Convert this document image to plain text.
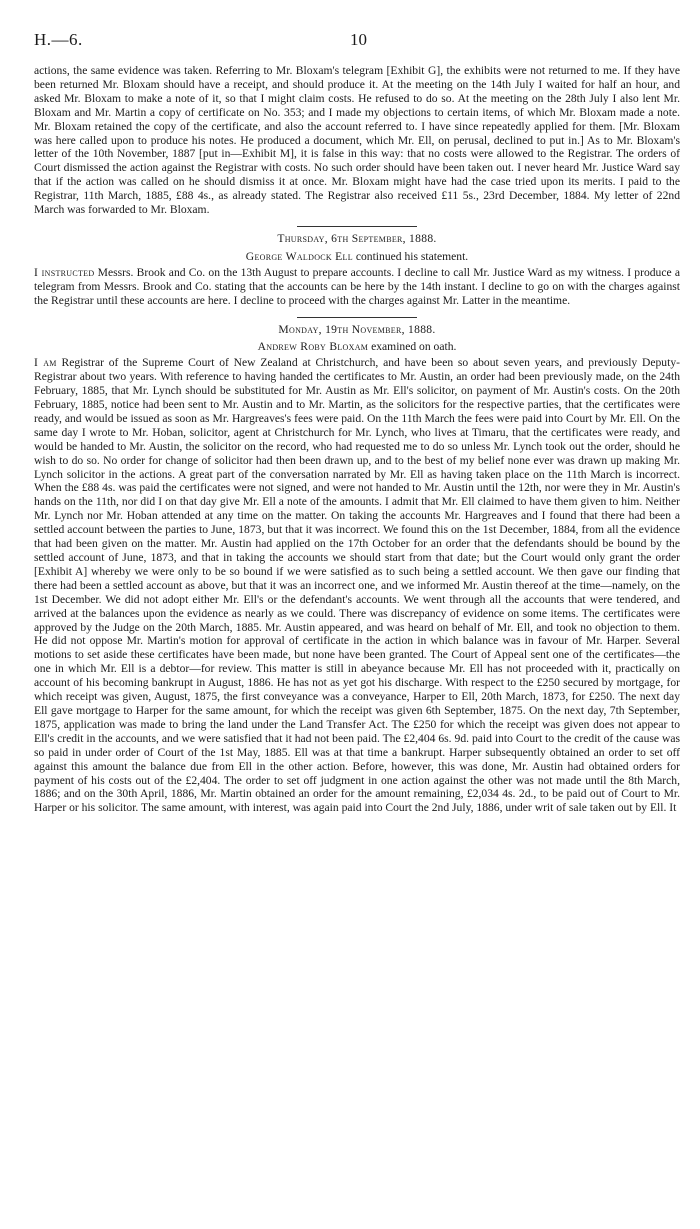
H.—6.	10

actions, the same evidence was taken. Referring to Mr. Bloxam's telegram [Exhibit G], the exhibits were not returned to me. If they have been returned Mr. Bloxam should have a receipt, and should produce it. At the meeting on the 14th July I waited for half an hour, and asked Mr. Bloxam to make a note of it, so that I might claim costs. He refused to do so. At the meeting on the 28th July I also lent Mr. Bloxam and Mr. Martin a copy of certificate on No. 353; and I made my objections to certain items, of which Mr. Bloxam made a note. Mr. Bloxam retained the copy of the certificate, and also the account referred to. I have since repeatedly applied for them. [Mr. Bloxam was here called upon to produce his notes. He produced a document, which Mr. Ell, on perusal, declined to put in.] As to Mr. Bloxam's letter of the 10th November, 1887 [put in—Exhibit M], it is false in this way: that no costs were allowed to the Registrar. The orders of Court dismissed the action against the Registrar with costs. No such order should have been taken out. I never heard Mr. Justice Ward say that if the action was called on he should dismiss it at once. Mr. Bloxam might have had the case tried upon its merits. I paid to the Registrar, 11th March, 1885, £88 4s., as already stated. The Registrar also received £11 5s., 23rd December, 1884. My letter of 22nd March was forwarded to Mr. Bloxam.

Thursday, 6th September, 1888.

George Waldock Ell continued his statement.

I instructed Messrs. Brook and Co. on the 13th August to prepare accounts. I decline to call Mr. Justice Ward as my witness. I produce a telegram from Messrs. Brook and Co. stating that the accounts can be here by the 14th instant. I decline to go on with the charges against the Registrar until these accounts are here. I decline to proceed with the charges against Mr. Latter in the meantime.

Monday, 19th November, 1888.

Andrew Roby Bloxam examined on oath.

I am Registrar of the Supreme Court of New Zealand at Christchurch, and have been so about seven years, and previously Deputy-Registrar about two years. With reference to having handed the certificates to Mr. Austin, an order had been previously made, on the 24th February, 1885, that Mr. Lynch should be substituted for Mr. Austin as Mr. Ell's solicitor, on payment of Mr. Austin's costs. On the 20th February, 1885, notice had been sent to Mr. Austin and to Mr. Martin, as the solicitors for the respective parties, that the certificates were ready, and would be issued as soon as Mr. Hargreaves's fees were paid. On the 11th March the fees were paid into Court by Mr. Ell. On the same day I wrote to Mr. Hoban, solicitor, agent at Christchurch for Mr. Lynch, who lives at Timaru, that the certificates were ready, and would be handed to Mr. Austin, the solicitor on the record, who had requested me to do so unless Mr. Lynch took out the order, should he wish to do so. No order for change of solicitor had then been drawn up, and to the best of my belief none ever was drawn up making Mr. Lynch solicitor in the actions. A great part of the conversation narrated by Mr. Ell as having taken place on the 11th March is incorrect. When the £88 4s. was paid the certificates were not signed, and were not handed to Mr. Austin until the 12th, nor were they in Mr. Austin's hands on the 11th, nor did I on that day give Mr. Ell a note of the amounts. I admit that Mr. Ell claimed to have them given to him. Neither Mr. Lynch nor Mr. Hoban attended at any time on the matter. On taking the accounts Mr. Hargreaves and I found that there had been a settled account between the parties to June, 1873, but that it was incorrect. We found this on the 1st December, 1884, from all the evidence that had been given on the matter. Mr. Austin had applied on the 17th October for an order that the defendants should be bound by the settled account of June, 1873, and that in taking the accounts we should start from that date; but the Court would only grant the order [Exhibit A] whereby we were only to be so bound if we were satisfied as to such being a settled account. We then gave our finding that there had been a settled account as above, but that it was an incorrect one, and we informed Mr. Austin thereof at the time—namely, on the 1st December. We did not adopt either Mr. Ell's or the defendant's accounts. We went through all the accounts that were tendered, and arrived at the balances upon the evidence as nearly as we could. There was discrepancy of evidence on some items. The certificates were approved by the Judge on the 20th March, 1885. Mr. Austin appeared, and was heard on behalf of Mr. Ell, and took no objection to them. He did not oppose Mr. Martin's motion for approval of certificate in the action in which balance was in favour of Mr. Harper. Several motions to set aside these certificates have been made, but none have been granted. The Court of Appeal sent one of the certificates—the one in which Mr. Ell is a debtor—for review. This matter is still in abeyance because Mr. Ell has not proceeded with it, practically on account of his becoming bankrupt in August, 1886. He has not as yet got his discharge. With respect to the £250 secured by mortgage, for which receipt was given, August, 1875, the first conveyance was a conveyance, Harper to Ell, 20th March, 1873, for £250. The next day Ell gave mortgage to Harper for the same amount, for which the receipt was given 6th September, 1875. On the next day, 7th September, 1875, application was made to bring the land under the Land Transfer Act. The £250 for which the receipt was given does not appear to Ell's credit in the accounts, and we were satisfied that it had not been paid. The £2,404 6s. 9d. paid into Court to the credit of the cause was so paid in under order of Court of the 1st May, 1885. Ell was at that time a bankrupt. Harper subsequently obtained an order to set off against this amount the balance due from Ell in the other action. Before, however, this was done, Mr. Austin had obtained orders for payment of his costs out of the £2,404. The order to set off judgment in one action against the other was not made until the 8th March, 1886; and on the 30th April, 1886, Mr. Martin obtained an order for the amount remaining, £2,034 4s. 2d., to be paid out of Court to Mr. Harper or his solicitor. The same amount, with interest, was again paid into Court the 2nd July, 1886, under writ of sale taken out by Ell. It
